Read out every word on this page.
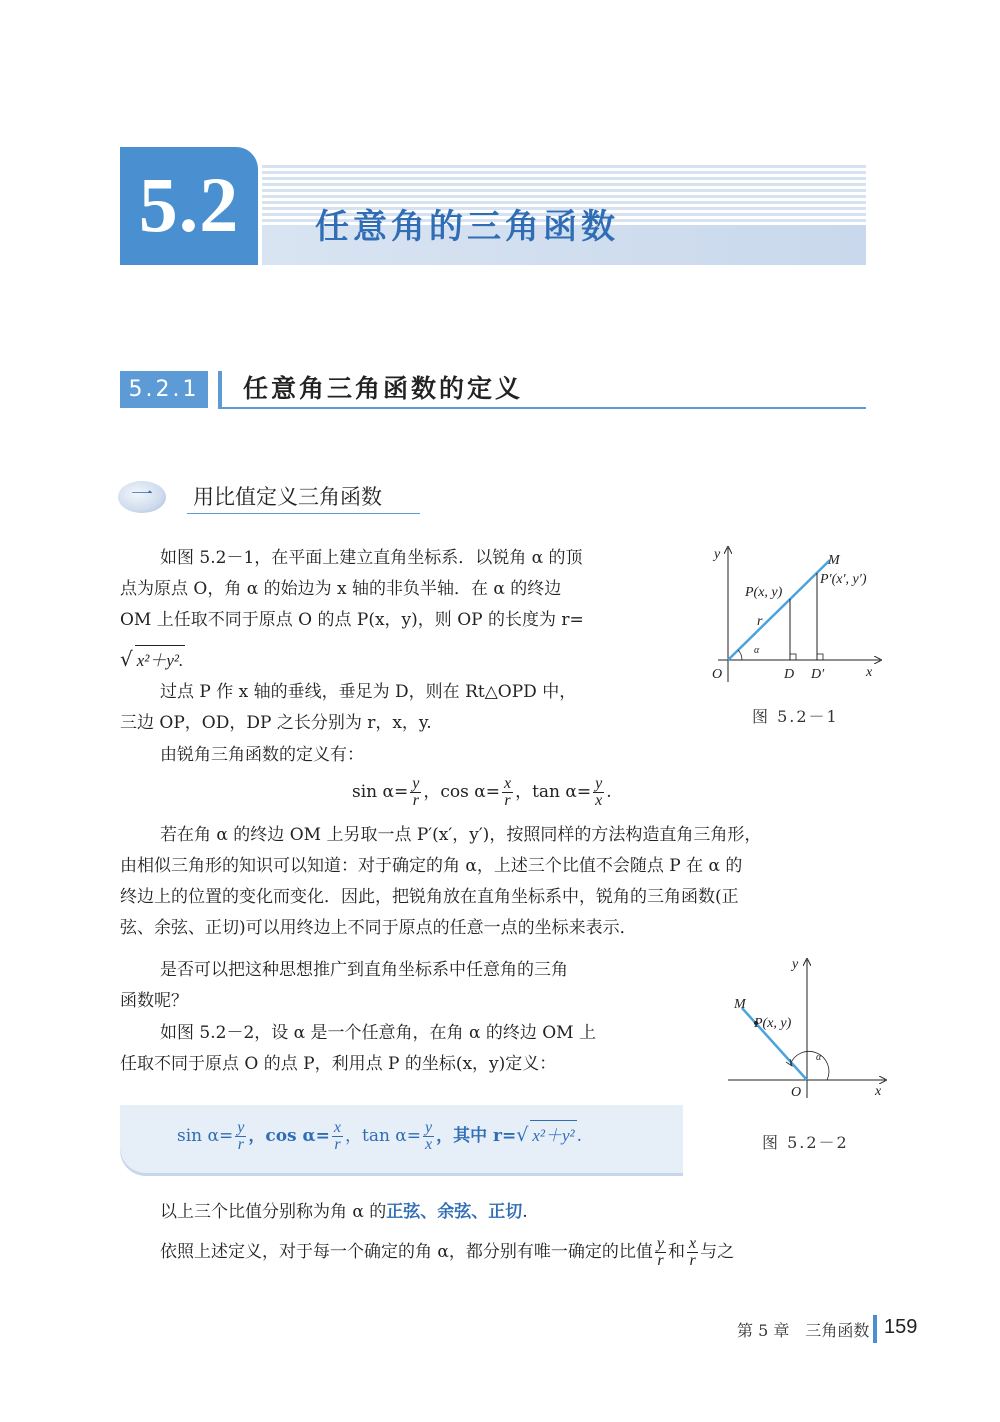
5.2	任意角的三角函数
5.2.1	任意角三角函数的定义
一	用比值定义三角函数
如图 5.2－1，在平面上建立直角坐标系．以锐角 α 的顶
点为原点 O，角 α 的始边为 x 轴的非负半轴．在 α 的终边
OM 上任取不同于原点 O 的点 P(x，y)，则 OP 的长度为 r=
√ x²＋y².
过点 P 作 x 轴的垂线，垂足为 D，则在 Rt△OPD 中，
三边 OP，OD，DP 之长分别为 r，x，y.
由锐角三角函数的定义有：
$\sin \alpha= \frac{y}{r}$ ，$\cos \alpha= \frac{x}{r}$ ，$\tan \alpha= \frac{y}{x}$ .
若在角 α 的终边 OM 上另取一点 P′(x′，y′)，按照同样的方法构造直角三角形，
由相似三角形的知识可以知道：对于确定的角 α，上述三个比值不会随点 P 在 α 的
终边上的位置的变化而变化．因此，把锐角放在直角坐标系中，锐角的三角函数(正
弦、余弦、正切)可以用终边上不同于原点的任意一点的坐标来表示．
是否可以把这种思想推广到直角坐标系中任意角的三角
函数呢？
如图 5.2－2，设 α 是一个任意角，在角 α 的终边 OM 上
任取不同于原点 O 的点 P，利用点 P 的坐标(x，y)定义：
$\sin \alpha= \frac{y}{r}$ ，$\cos \alpha= \frac{x}{r}$ ，$\tan \alpha= \frac{y}{x}$ ，其中 r=√ x²＋y² .
以上三个比值分别称为角 α 的正弦、余弦、正切.
依照上述定义，对于每一个确定的角 α，都分别有唯一确定的比值 $\frac{y}{r}$ 和 $\frac{x}{r}$ 与之
y
x
O
M
P(x, y)
P′(x′, y′)
r
α
D D′
图 5.2－1
y
x
O
M
P(x, y)
α
图 5.2－2
第 5 章　三角函数 159
